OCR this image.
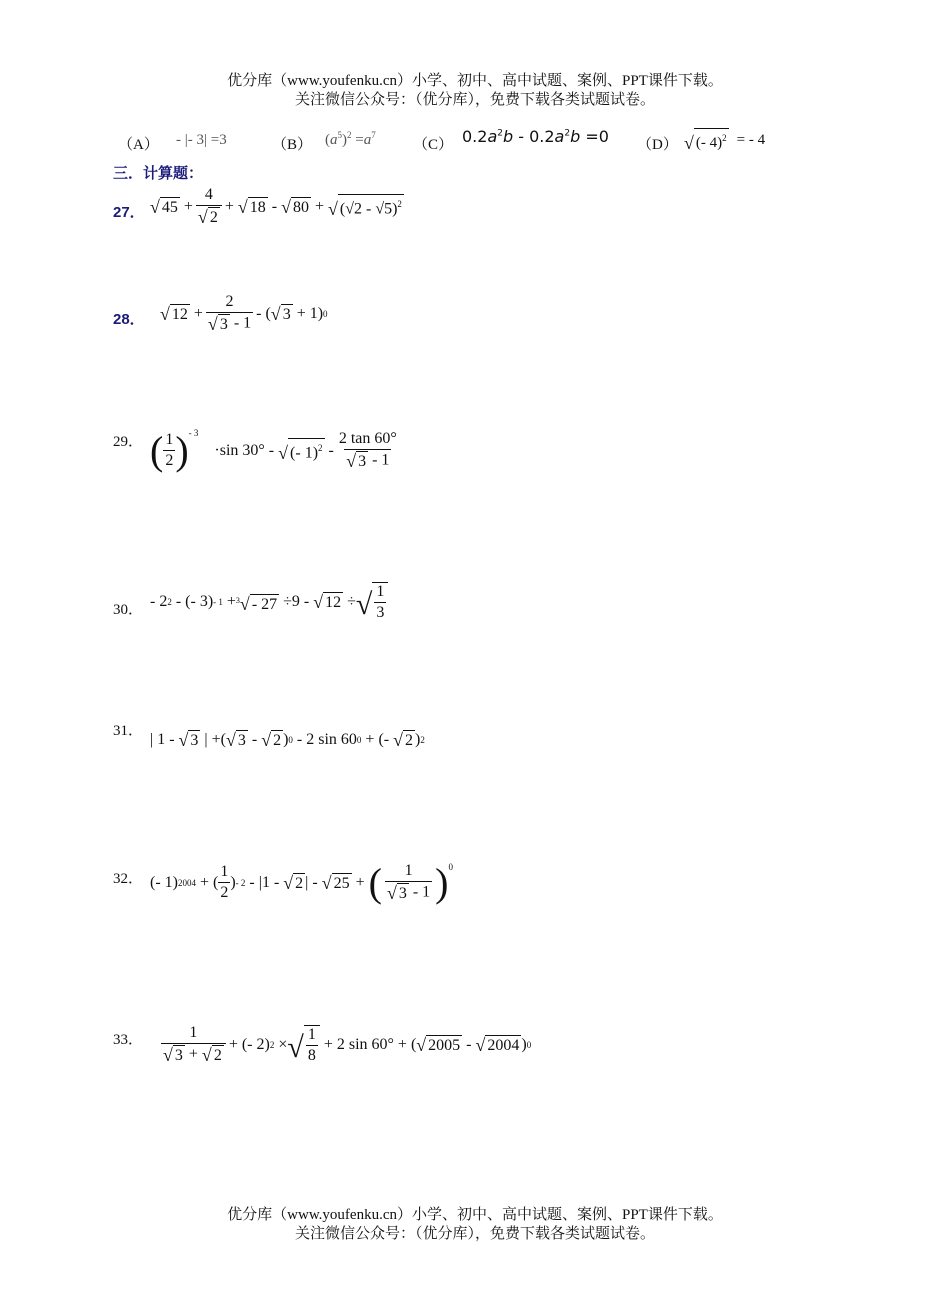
优分库（www.youfenku.cn）小学、初中、高中试题、案例、PPT课件下载。
关注微信公众号：（优分库），免费下载各类试题试卷。
（A） - |- 3| =3	（B） $(a^5)^2 =a^7$
（C） $0.2a^2b - 0.2a^2b =0$ （D） √ (- 4)$^2$ = - 4
三．计算题：
27． √ $45 + \frac{4}{√ 2}$ + √ 18 - √ 80 + √ (√2 - √5)$^2$
28． √ $12 + \frac{2}{√ 3 - 1}$ - ( √ 3 + 1) 0
29． ( $\frac{1}{2}$ ) - 3
·sin 30° - √ (- $1)^2 - \frac{2 \tan 60^\circ}{√ 3 - 1}$
30． - 2 2 - (- 3) - 1 + $^3$√ - 27 ÷9 - √ 12 ÷ √ $\frac{1}{3}$
31． | 1 - √ 3 | +( √ 3 - √ 2 ) 0 - 2 sin 60 0 + (- √ 2 ) 2
32． (- 1) 2004 + ( $\frac{1}{2}$ ) - 2 - |1 - √ 2 | - √ 25 + ( $\frac{1}{√ 3 - 1}$ ) 0
33． $\frac{1}{√ 3 + √ 2}$ + (- 2) 2 × √ $\frac{1}{8} + 2$ sin 60° + ( √ 2005 - √ 2004 ) 0
优分库（www.youfenku.cn）小学、初中、高中试题、案例、PPT课件下载。
关注微信公众号：（优分库），免费下载各类试题试卷。
